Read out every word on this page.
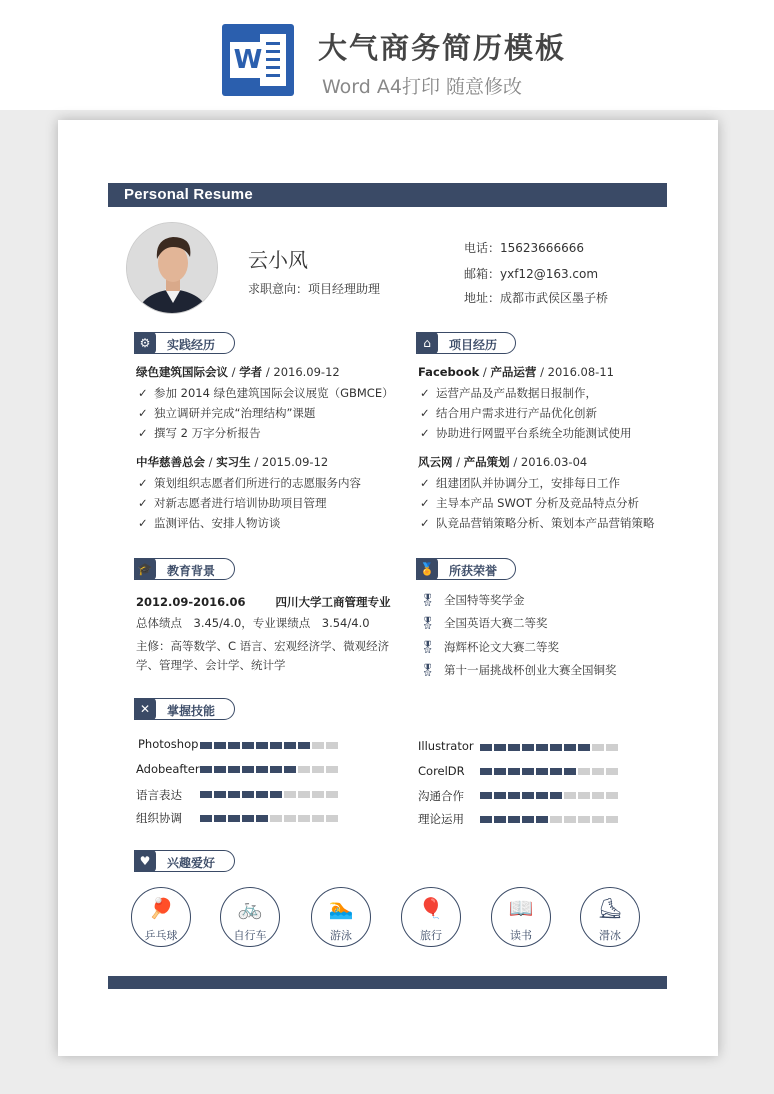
W 大气商务简历模板
Word A4打印 随意修改
Personal Resume
云小风
求职意向：项目经理助理
电话：15623666666
邮箱：yxf12@163.com
地址：成都市武侯区墨子桥
⚙	实践经历
绿色建筑国际会议 / 学者 / 2016.09-12
✓ 参加 2014 绿色建筑国际会议展览（GBMCE）
✓ 独立调研并完成“治理结构”课题
✓ 撰写 2 万字分析报告
中华慈善总会 / 实习生 / 2015.09-12
✓ 策划组织志愿者们所进行的志愿服务内容
✓ 对新志愿者进行培训协助项目管理
✓ 监测评估、安排人物访谈
⌂	项目经历
Facebook / 产品运营 / 2016.08-11
✓ 运营产品及产品数据日报制作，
✓ 结合用户需求进行产品优化创新
✓ 协助进行网盟平台系统全功能测试使用
风云网 / 产品策划 / 2016.03-04
✓ 组建团队并协调分工，安排每日工作
✓ 主导本产品 SWOT 分析及竞品特点分析
✓ 队竞品营销策略分析、策划本产品营销策略
🎓 教育背景
2012.09-2016.06	四川大学工商管理专业
总体绩点　3.45/4.0，专业课绩点　3.54/4.0
主修：高等数学、C 语言、宏观经济学、微观经济
学、管理学、会计学、统计学
🏅 所获荣誉
🎖 全国特等奖学金
🎖 全国英语大赛二等奖
🎖 海辉杯论文大赛二等奖
🎖 第十一届挑战杯创业大赛全国铜奖
✕	掌握技能
Photoshop
Adobeafter
语言表达
组织协调
Illustrator
CorelDR
沟通合作
理论运用
♥	兴趣爱好
🏓
乒乓球
🚲
自行车
🏊
游泳
🎈
旅行
📖
读书
⛸
滑冰
